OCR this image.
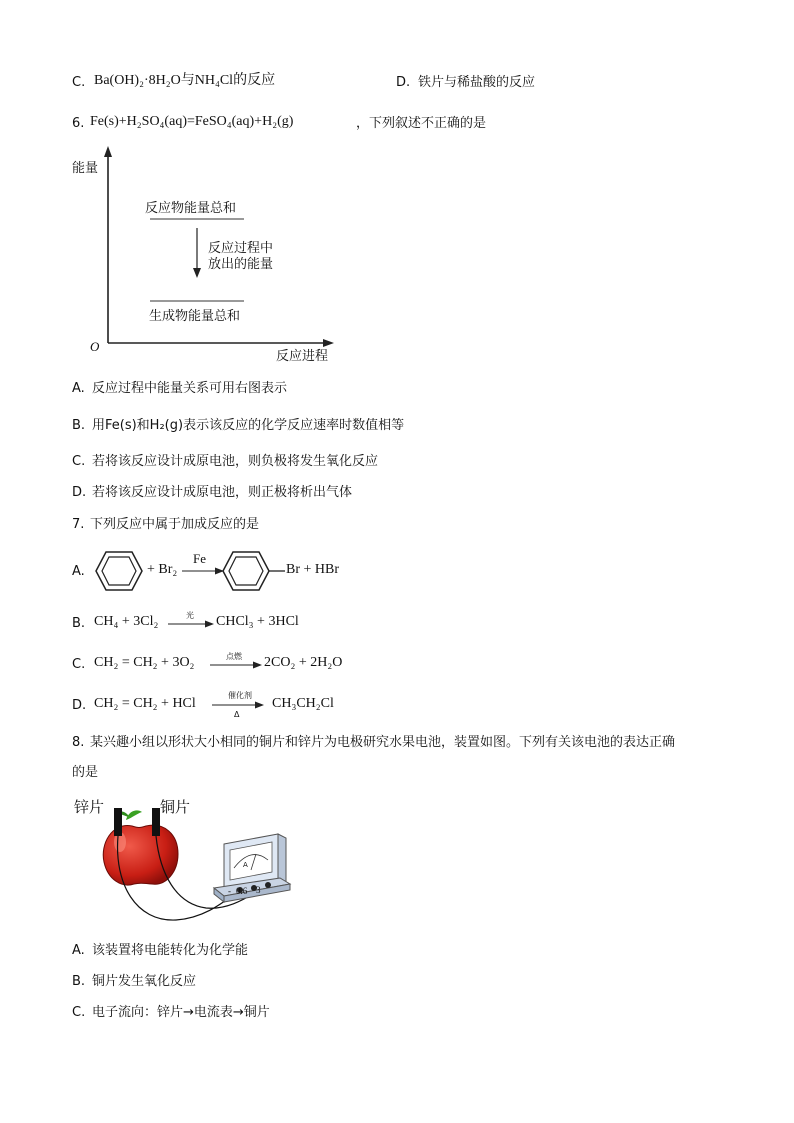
C. Ba(OH)₂·8H₂O与NH₄Cl的反应	D. 铁片与稀盐酸的反应
6. Fe(s)+H₂SO₄(aq)=FeSO₄(aq)+H₂(g)	，下列叙述不正确的是
能量
O
反应进程
反应物能量总和
反应过程中
放出的能量
生成物能量总和
A. 反应过程中能量关系可用右图表示
B. 用Fe(s)和H₂(g)表示该反应的化学反应速率时数值相等
C. 若将该反应设计成原电池，则负极将发生氧化反应
D. 若将该反应设计成原电池，则正极将析出气体
7. 下列反应中属于加成反应的是
A.	+ Br₂
Fe
Br + HBr
B. CH₄ + 3Cl₂	光 → CHCl₃ + 3HCl
C. CH₂ = CH₂ + 3O₂	点燃 → 2CO₂ + 2H₂O
D. CH₂ = CH₂ + HCl
催化剂
Δ
CH₃CH₂Cl
8. 某兴趣小组以形状大小相同的铜片和锌片为电极研究水果电池，装置如图。下列有关该电池的表达正确
的是
锌片	铜片
A
- 0.6 3
A. 该装置将电能转化为化学能
B. 铜片发生氧化反应
C. 电子流向：锌片→电流表→铜片
